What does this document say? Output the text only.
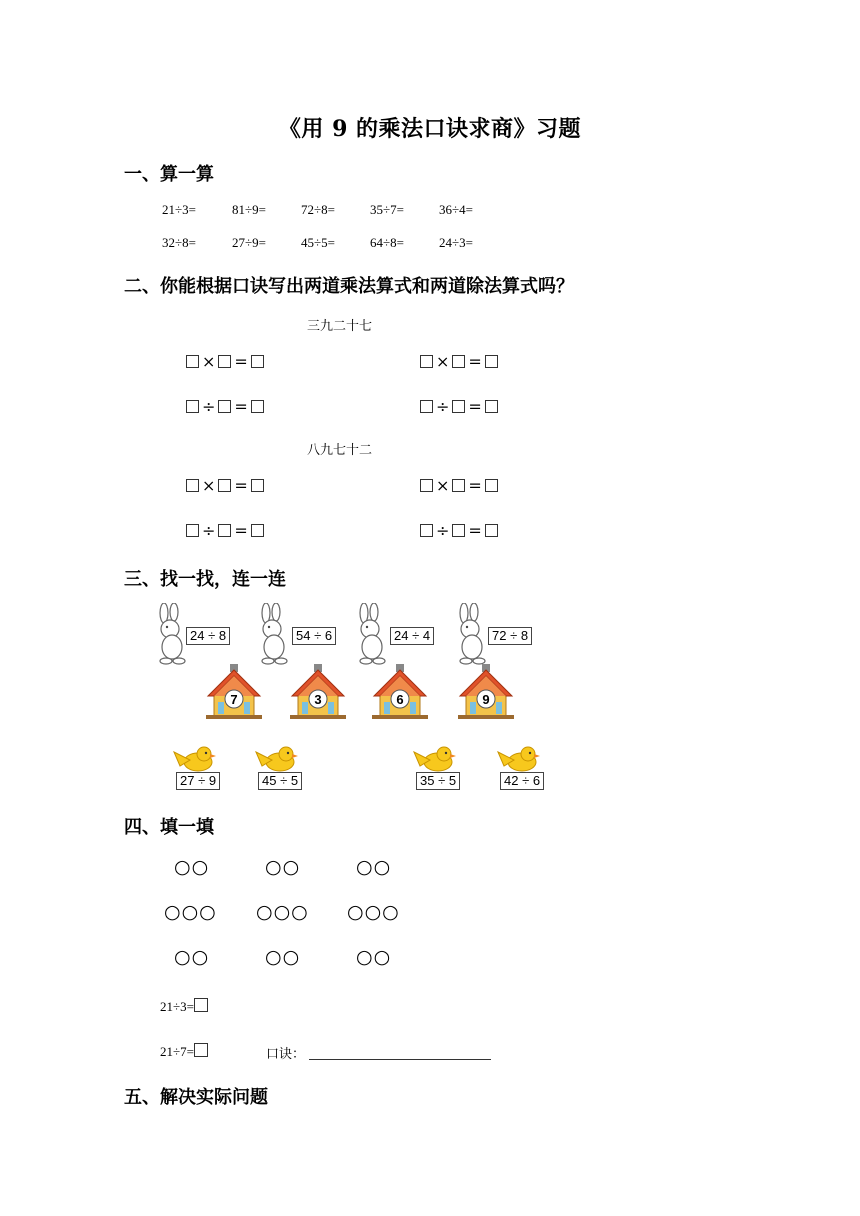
《用 9 的乘法口诀求商》习题
一、算一算
21÷3=	81÷9=	72÷8=	35÷7=	36÷4=
32÷8=	27÷9=	45÷5=	64÷8=	24÷3=
二、你能根据口诀写出两道乘法算式和两道除法算式吗？
三九二十七
× =	× =
÷ =	÷ =
八九七十二
× =	× =
÷ =	÷ =
三、找一找，连一连
24 ÷ 8	54 ÷ 6	24 ÷ 4	72 ÷ 8
7	3	6	9
27 ÷ 9	45 ÷ 5	35 ÷ 5	42 ÷ 6
四、填一填
○○	○○	○○
○○○ ○○○ ○○○
○○	○○	○○
21÷3=
21÷7=	口诀：
五、解决实际问题
